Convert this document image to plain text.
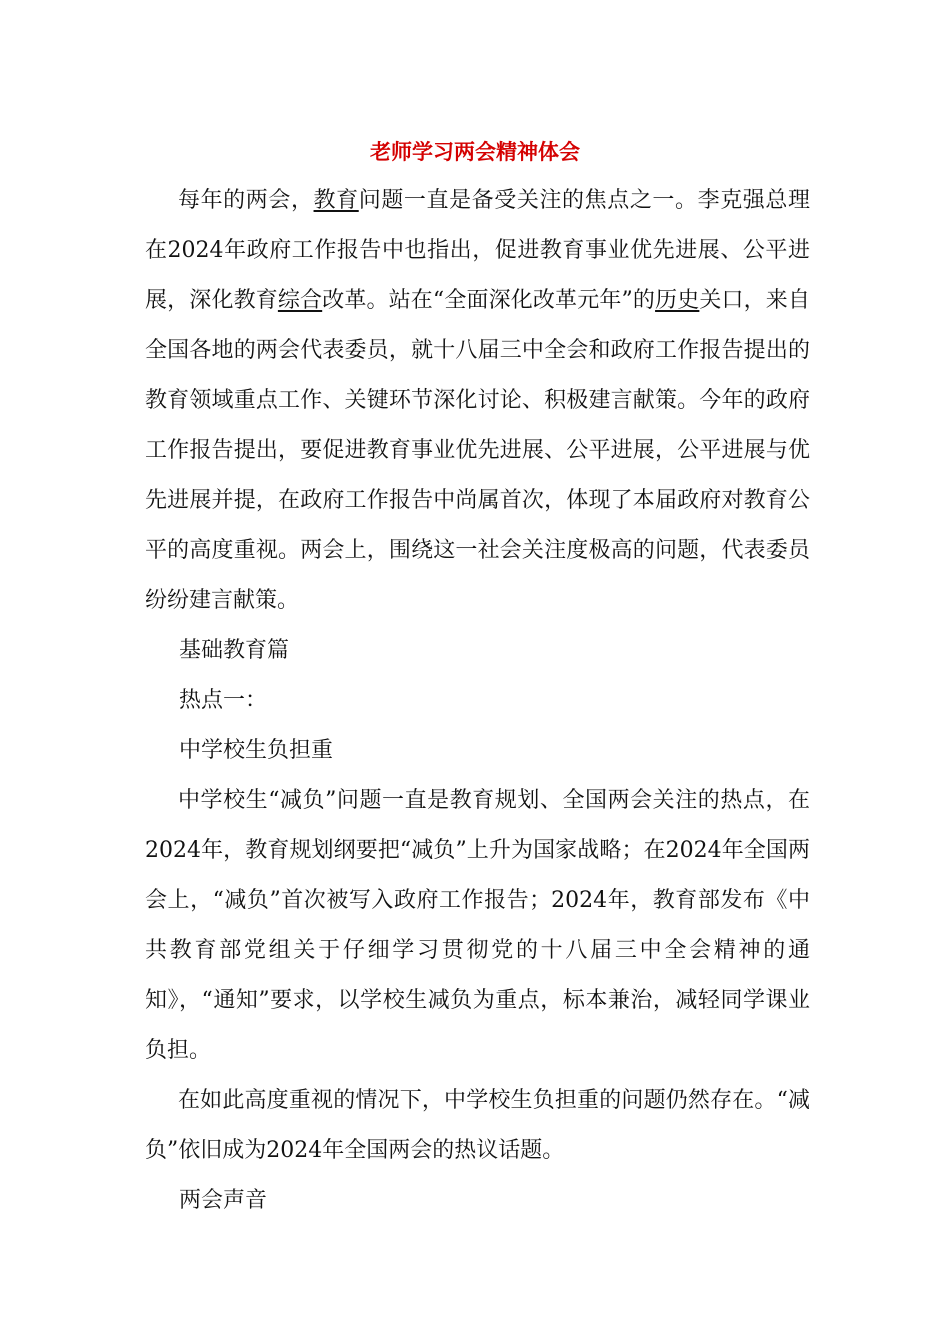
老师学习两会精神体会

每年的两会，教育问题一直是备受关注的焦点之一。李克强总理在2024年政府工作报告中也指出，促进教育事业优先进展、公平进展，深化教育综合改革。站在“全面深化改革元年”的历史关口，来自全国各地的两会代表委员，就十八届三中全会和政府工作报告提出的教育领域重点工作、关键环节深化讨论、积极建言献策。今年的政府工作报告提出，要促进教育事业优先进展、公平进展，公平进展与优先进展并提，在政府工作报告中尚属首次，体现了本届政府对教育公平的高度重视。两会上，围绕这一社会关注度极高的问题，代表委员纷纷建言献策。

基础教育篇

热点一：

中学校生负担重

中学校生“减负”问题一直是教育规划、全国两会关注的热点，在2024年，教育规划纲要把“减负”上升为国家战略；在2024年全国两会上，“减负”首次被写入政府工作报告；2024年，教育部发布《中共教育部党组关于仔细学习贯彻党的十八届三中全会精神的通知》，“通知”要求，以学校生减负为重点，标本兼治，减轻同学课业负担。

在如此高度重视的情况下，中学校生负担重的问题仍然存在。“减负”依旧成为2024年全国两会的热议话题。

两会声音
